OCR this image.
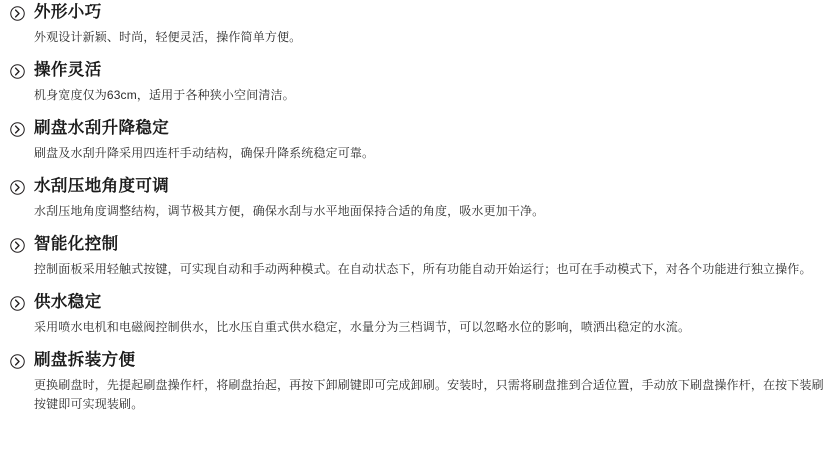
外形小巧

外观设计新颖、时尚，轻便灵活，操作简单方便。

操作灵活

机身宽度仅为63cm，适用于各种狭小空间清洁。

刷盘水刮升降稳定

刷盘及水刮升降采用四连杆手动结构，确保升降系统稳定可靠。

水刮压地角度可调

水刮压地角度调整结构，调节极其方便，确保水刮与水平地面保持合适的角度，吸水更加干净。

智能化控制

控制面板采用轻触式按键，可实现自动和手动两种模式。在自动状态下，所有功能自动开始运行；也可在手动模式下，对各个功能进行独立操作。

供水稳定

采用喷水电机和电磁阀控制供水，比水压自重式供水稳定，水量分为三档调节，可以忽略水位的影响，喷洒出稳定的水流。

刷盘拆装方便

更换刷盘时，先提起刷盘操作杆，将刷盘抬起，再按下卸刷键即可完成卸刷。安装时，只需将刷盘推到合适位置，手动放下刷盘操作杆，在按下装刷按键即可实现装刷。
